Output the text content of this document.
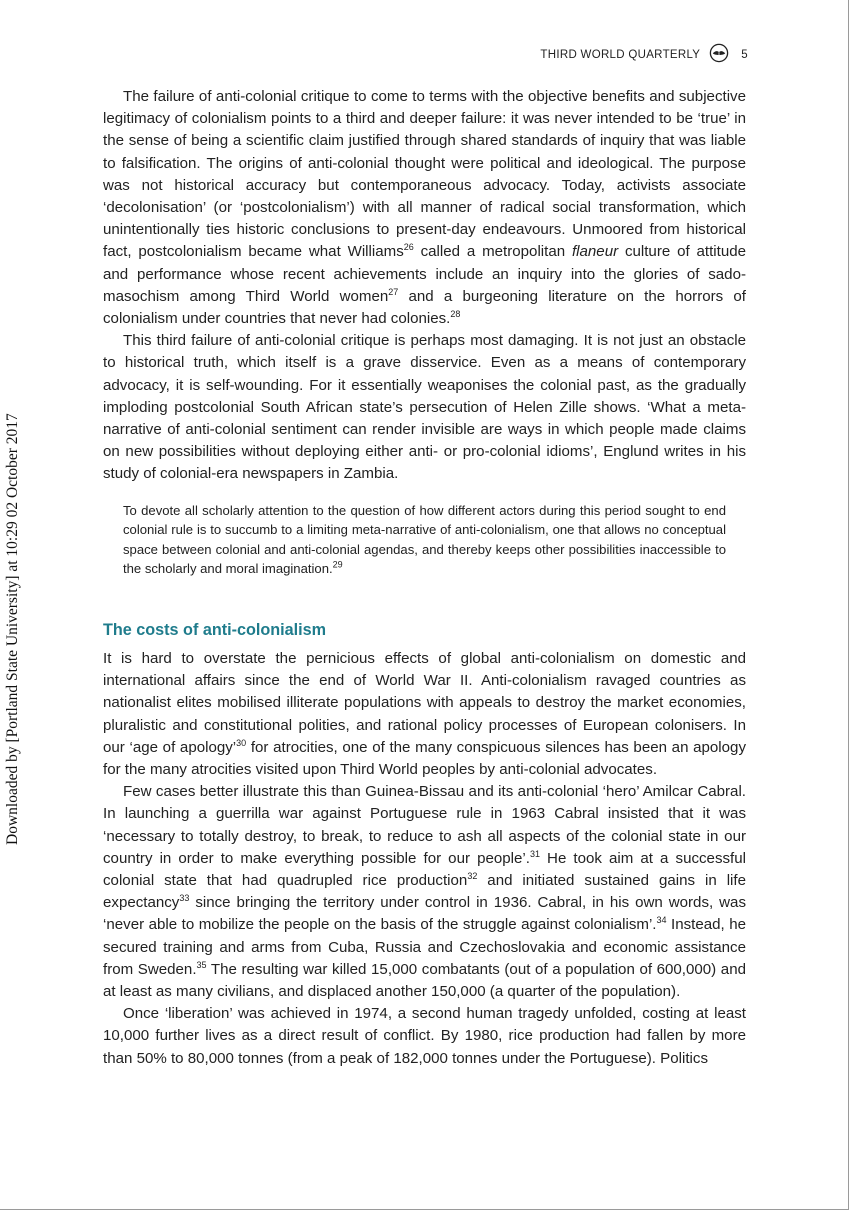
THIRD WORLD QUARTERLY	5
Downloaded by [Portland State University] at 10:29 02 October 2017

The failure of anti-colonial critique to come to terms with the objective benefits and subjective legitimacy of colonialism points to a third and deeper failure: it was never intended to be ‘true’ in the sense of being a scientific claim justified through shared standards of inquiry that was liable to falsification. The origins of anti-colonial thought were political and ideological. The purpose was not historical accuracy but contemporaneous advocacy. Today, activists associate ‘decolonisation’ (or ‘postcolonialism’) with all manner of radical social transformation, which unintentionally ties historic conclusions to present-day endeavours. Unmoored from historical fact, postcolonialism became what Williams$^{26}$ called a metropolitan flaneur culture of attitude and performance whose recent achievements include an inquiry into the glories of sado-masochism among Third World women$^{27}$ and a burgeoning literature on the horrors of colonialism under countries that never had colonies.$^{28}$

This third failure of anti-colonial critique is perhaps most damaging. It is not just an obstacle to historical truth, which itself is a grave disservice. Even as a means of contemporary advocacy, it is self-wounding. For it essentially weaponises the colonial past, as the gradually imploding postcolonial South African state’s persecution of Helen Zille shows. ‘What a meta-narrative of anti-colonial sentiment can render invisible are ways in which people made claims on new possibilities without deploying either anti- or pro-colonial idioms’, Englund writes in his study of colonial-era newspapers in Zambia.

To devote all scholarly attention to the question of how different actors during this period sought to end colonial rule is to succumb to a limiting meta-narrative of anti-colonialism, one that allows no conceptual space between colonial and anti-colonial agendas, and thereby keeps other possibilities inaccessible to the scholarly and moral imagination.$^{29}$

The costs of anti-colonialism

It is hard to overstate the pernicious effects of global anti-colonialism on domestic and international affairs since the end of World War II. Anti-colonialism ravaged countries as nationalist elites mobilised illiterate populations with appeals to destroy the market economies, pluralistic and constitutional polities, and rational policy processes of European colonisers. In our ‘age of apology’$^{30}$ for atrocities, one of the many conspicuous silences has been an apology for the many atrocities visited upon Third World peoples by anti-colonial advocates.

Few cases better illustrate this than Guinea-Bissau and its anti-colonial ‘hero’ Amilcar Cabral. In launching a guerrilla war against Portuguese rule in 1963 Cabral insisted that it was ‘necessary to totally destroy, to break, to reduce to ash all aspects of the colonial state in our country in order to make everything possible for our people’.$^{31}$ He took aim at a successful colonial state that had quadrupled rice production$^{32}$ and initiated sustained gains in life expectancy$^{33}$ since bringing the territory under control in 1936. Cabral, in his own words, was ‘never able to mobilize the people on the basis of the struggle against colonialism’.$^{34}$ Instead, he secured training and arms from Cuba, Russia and Czechoslovakia and economic assistance from Sweden.$^{35}$ The resulting war killed 15,000 combatants (out of a population of 600,000) and at least as many civilians, and displaced another 150,000 (a quarter of the population).

Once ‘liberation’ was achieved in 1974, a second human tragedy unfolded, costing at least 10,000 further lives as a direct result of conflict. By 1980, rice production had fallen by more than 50% to 80,000 tonnes (from a peak of 182,000 tonnes under the Portuguese). Politics
